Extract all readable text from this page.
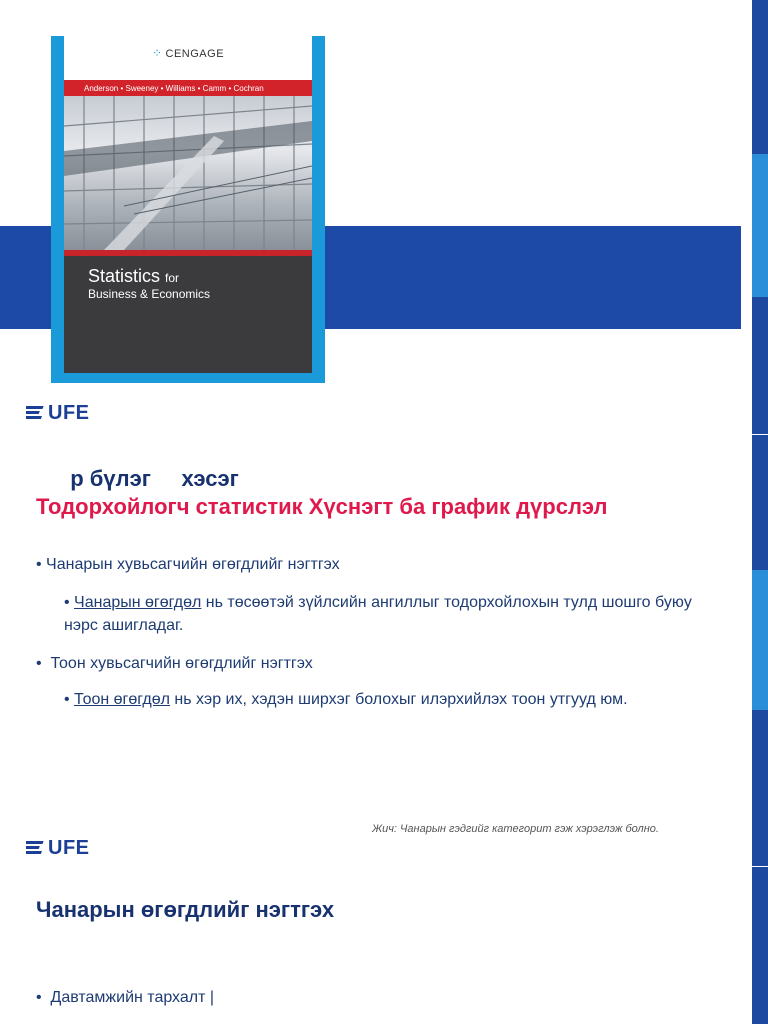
⁘ CENGAGE
Anderson • Sweeney • Williams • Camm • Cochran
Statistics for
Business & Economics
UFE
р бүлэг     хэсэг
Тодорхойлогч статистик Хүснэгт ба график дүрслэл
• Чанарын хувьсагчийн өгөгдлийг нэгтгэх
• Чанарын өгөгдөл нь төсөөтэй зүйлсийн ангиллыг тодорхойлохын тулд шошго буюу нэрс ашигладаг.
•  Тоон хувьсагчийн өгөгдлийг нэгтгэх
• Тоон өгөгдөл нь хэр их, хэдэн ширхэг болохыг илэрхийлэх тоон утгууд юм.
Жич: Чанарын гэдгийг категорит гэж хэрэглэж болно.
UFE
Чанарын өгөгдлийг нэгтгэх
•  Давтамжийн тархалт |
